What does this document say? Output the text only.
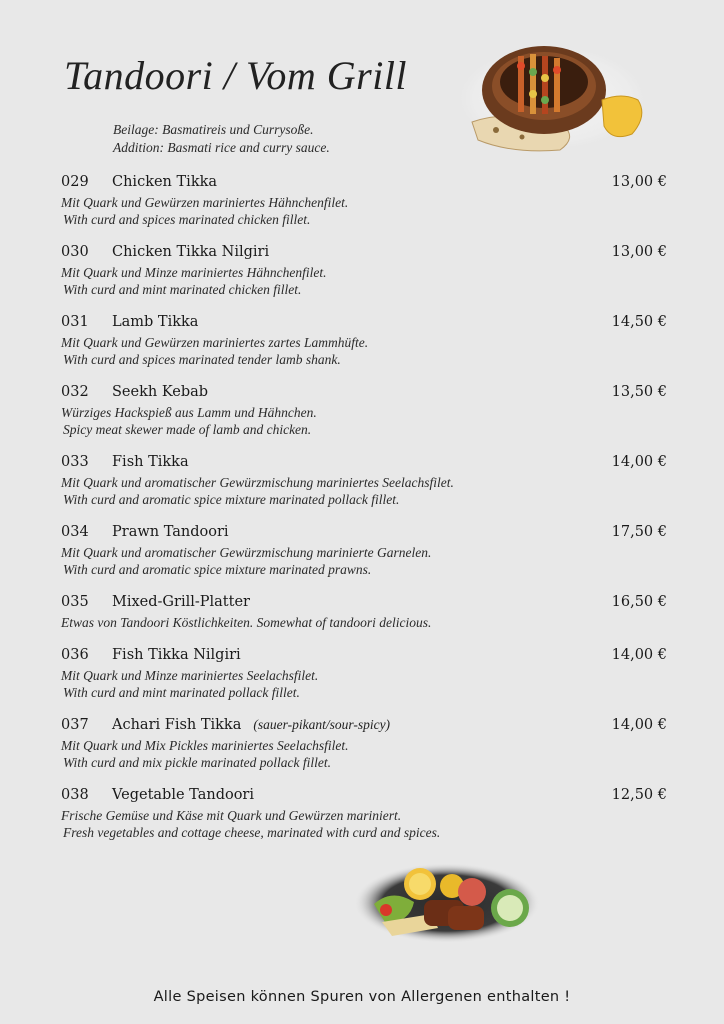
Tandoori / Vom Grill
Beilage: Basmatireis und Currysoße.
Addition: Basmati rice and curry sauce.
029 Chicken Tikka	13,00 €
Mit Quark und Gewürzen mariniertes Hähnchenfilet.
With curd and spices marinated chicken fillet.
030 Chicken Tikka Nilgiri	13,00 €
Mit Quark und Minze mariniertes Hähnchenfilet.
With curd and mint marinated chicken fillet.
031 Lamb Tikka	14,50 €
Mit Quark und Gewürzen mariniertes zartes Lammhüfte.
With curd and spices marinated tender lamb shank.
032 Seekh Kebab	13,50 €
Würziges Hackspieß aus Lamm und Hähnchen.
Spicy meat skewer made of lamb and chicken.
033 Fish Tikka	14,00 €
Mit Quark und aromatischer Gewürzmischung mariniertes Seelachsfilet.
With curd and aromatic spice mixture marinated pollack fillet.
034 Prawn Tandoori	17,50 €
Mit Quark und aromatischer Gewürzmischung marinierte Garnelen.
With curd and aromatic spice mixture marinated prawns.
035 Mixed-Grill-Platter	16,50 €
Etwas von Tandoori Köstlichkeiten. Somewhat of tandoori delicious.
036 Fish Tikka Nilgiri	14,00 €
Mit Quark und Minze mariniertes Seelachsfilet.
With curd and mint marinated pollack fillet.
037 Achari Fish Tikka (sauer-pikant/sour-spicy)	14,00 €
Mit Quark und Mix Pickles mariniertes Seelachsfilet.
With curd and mix pickle marinated pollack fillet.
038 Vegetable Tandoori	12,50 €
Frische Gemüse und Käse mit Quark und Gewürzen mariniert.
Fresh vegetables and cottage cheese, marinated with curd and spices.
Alle Speisen können Spuren von Allergenen enthalten !
